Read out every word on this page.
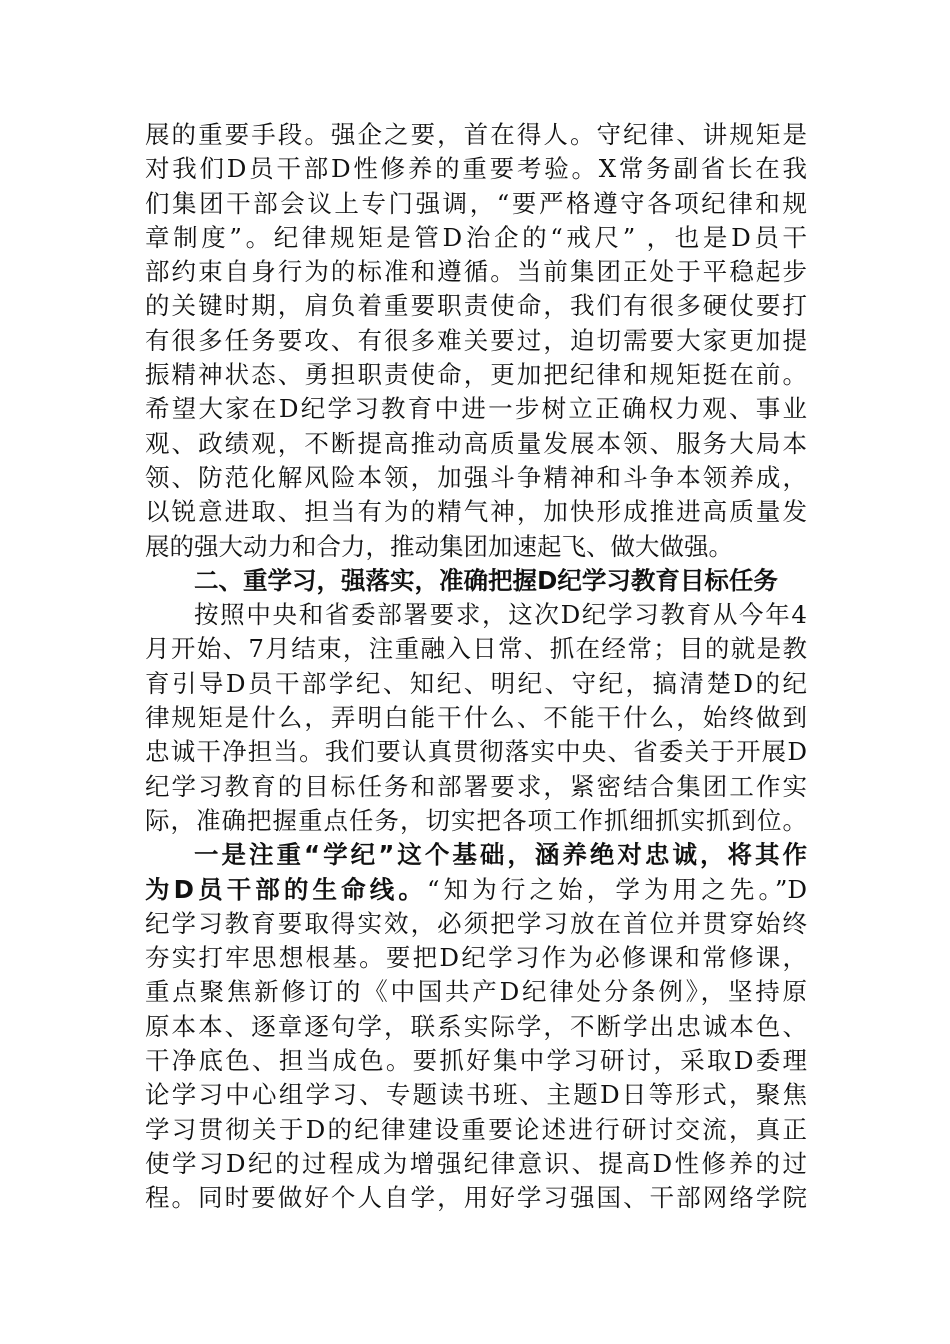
展的重要手段。强企之要，首在得人。守纪律、讲规矩是
对我们D员干部D性修养的重要考验。X常务副省长在我
们集团干部会议上专门强调，“要严格遵守各项纪律和规
章制度”。纪律规矩是管D治企的“戒尺” ，也是D员干
部约束自身行为的标准和遵循。当前集团正处于平稳起步
的关键时期，肩负着重要职责使命，我们有很多硬仗要打
有很多任务要攻、有很多难关要过，迫切需要大家更加提
振精神状态、勇担职责使命，更加把纪律和规矩挺在前。
希望大家在D纪学习教育中进一步树立正确权力观、事业
观、政绩观，不断提高推动高质量发展本领、服务大局本
领、防范化解风险本领，加强斗争精神和斗争本领养成，
以锐意进取、担当有为的精气神，加快形成推进高质量发
展的强大动力和合力，推动集团加速起飞、做大做强。
二、重学习，强落实，准确把握D纪学习教育目标任务
按照中央和省委部署要求，这次D纪学习教育从今年4
月开始、7月结束，注重融入日常、抓在经常；目的就是教
育引导D员干部学纪、知纪、明纪、守纪，搞清楚D的纪
律规矩是什么，弄明白能干什么、不能干什么，始终做到
忠诚干净担当。我们要认真贯彻落实中央、省委关于开展D
纪学习教育的目标任务和部署要求，紧密结合集团工作实
际，准确把握重点任务，切实把各项工作抓细抓实抓到位。
一是注重“学纪”这个基础，涵养绝对忠诚，将其作
为D员干部的生命线。“知为行之始，学为用之先。”D
纪学习教育要取得实效，必须把学习放在首位并贯穿始终
夯实打牢思想根基。要把D纪学习作为必修课和常修课，
重点聚焦新修订的《中国共产D纪律处分条例》，坚持原
原本本、逐章逐句学，联系实际学，不断学出忠诚本色、
干净底色、担当成色。要抓好集中学习研讨，采取D委理
论学习中心组学习、专题读书班、主题D日等形式，聚焦
学习贯彻关于D的纪律建设重要论述进行研讨交流，真正
使学习D纪的过程成为增强纪律意识、提高D性修养的过
程。同时要做好个人自学，用好学习强国、干部网络学院
